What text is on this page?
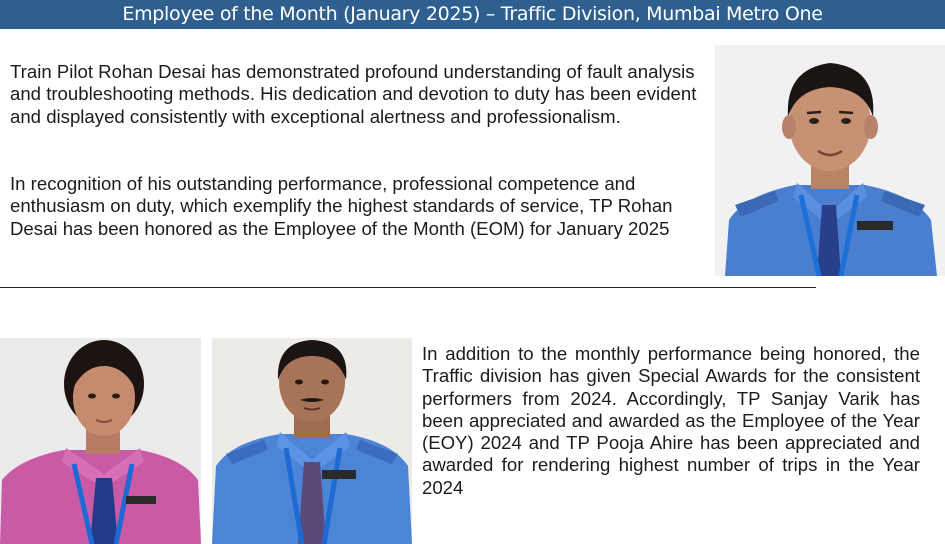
Employee of the Month (January 2025) – Traffic Division, Mumbai Metro One

Train Pilot Rohan Desai has demonstrated profound understanding of fault analysis and troubleshooting methods. His dedication and devotion to duty has been evident and displayed consistently with exceptional alertness and professionalism.

In recognition of his outstanding performance, professional competence and enthusiasm on duty, which exemplify the highest standards of service, TP Rohan Desai has been honored as the Employee of the Month (EOM) for January 2025

In addition to the monthly performance being honored, the Traffic division has given Special Awards for the consistent performers from 2024. Accordingly, TP Sanjay Varik has been appreciated and awarded as the Employee of the Year (EOY) 2024 and TP Pooja Ahire has been appreciated and awarded for rendering highest number of trips in the Year 2024
